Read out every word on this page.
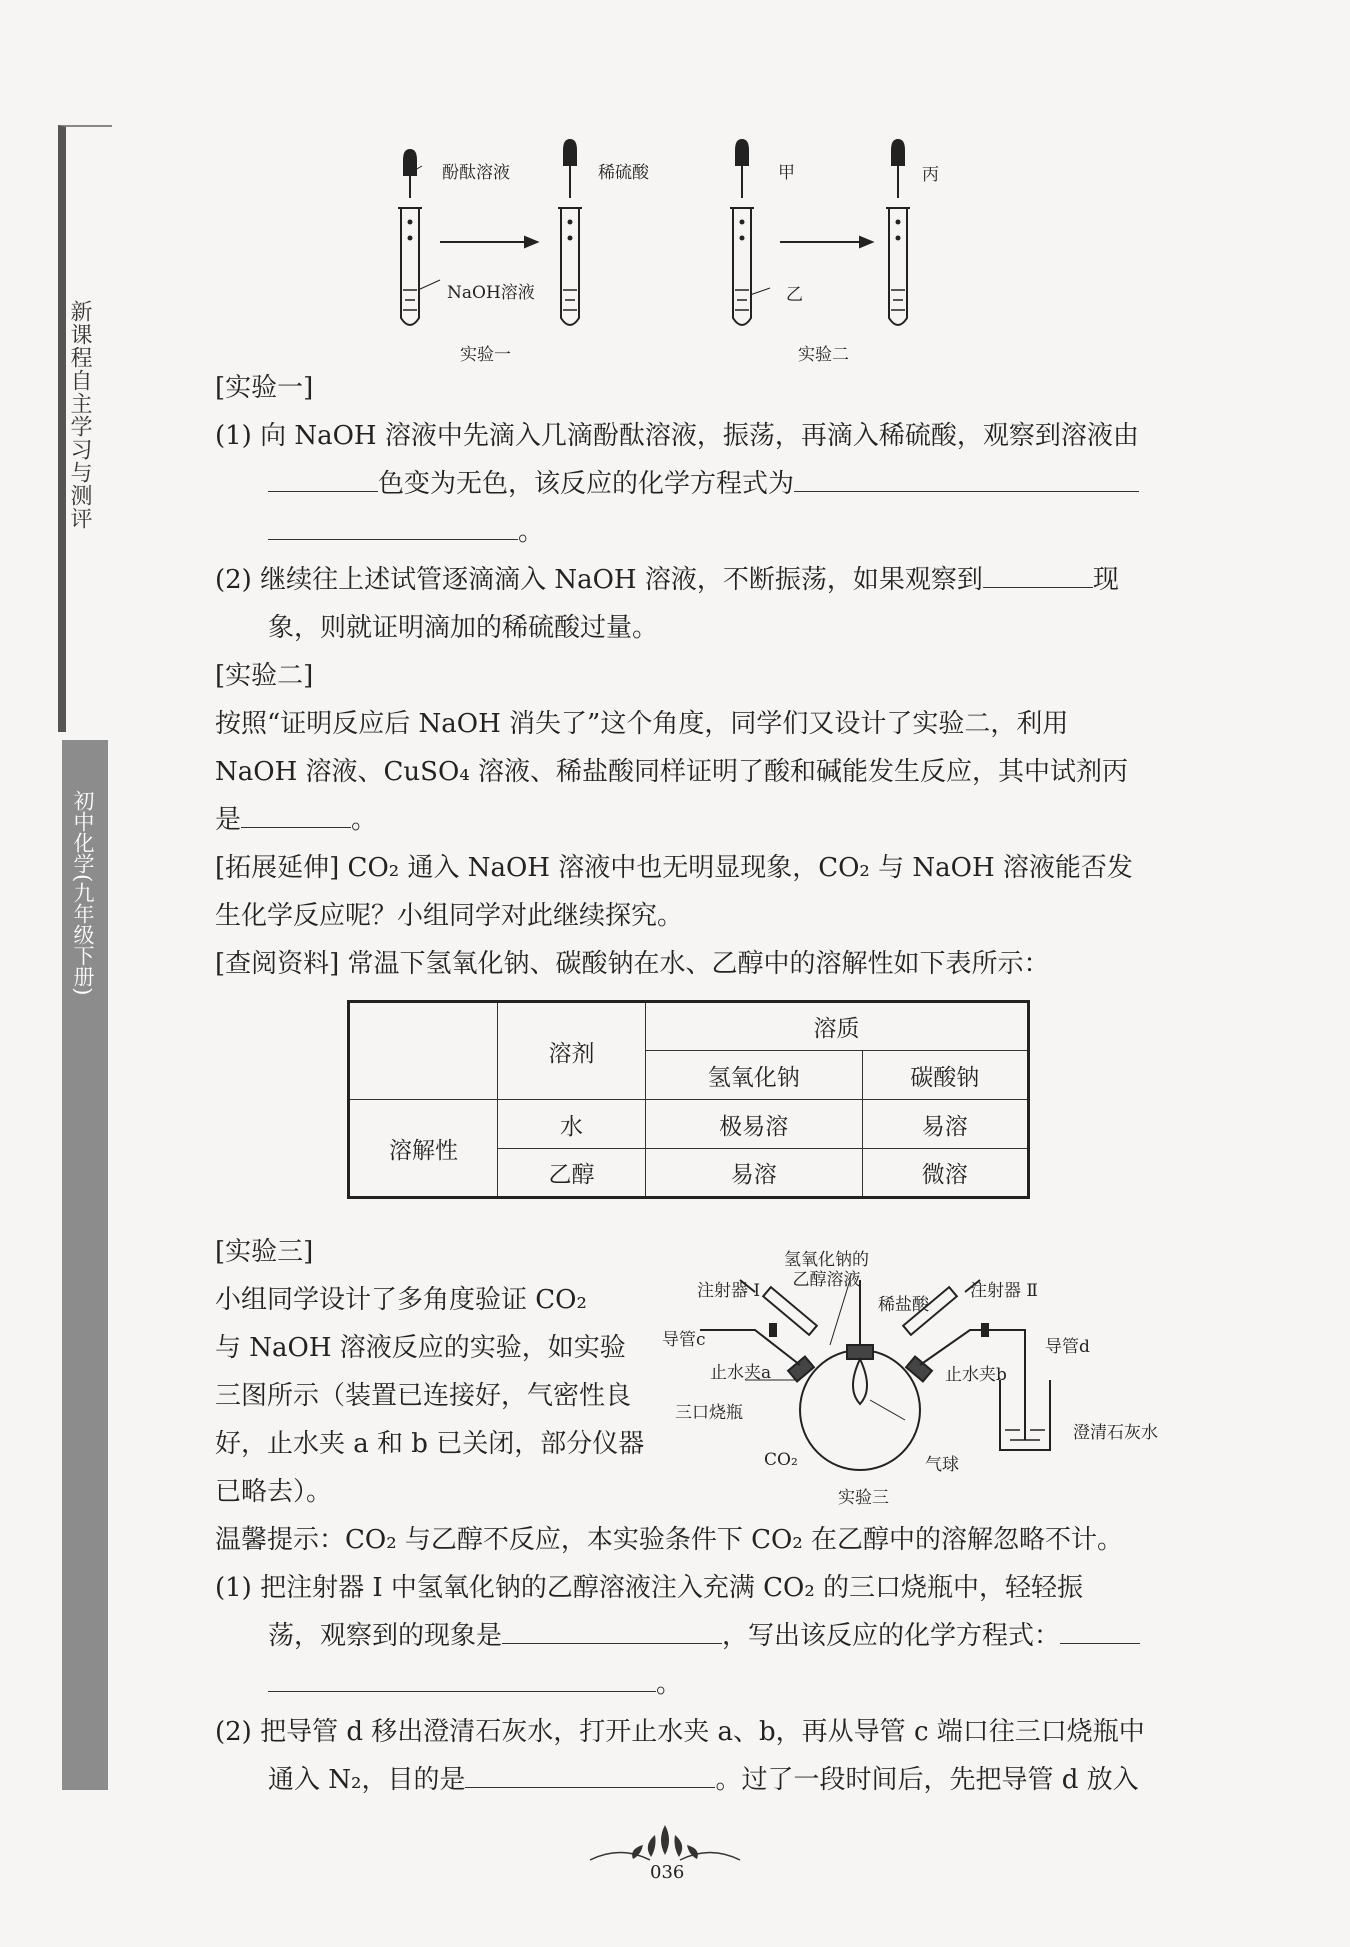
新课程自主学习与测评
初中化学(九年级下册)
酚酞溶液	稀硫酸
NaOH溶液
甲	丙
乙
实验一	实验二
[实验一]
(1) 向 NaOH 溶液中先滴入几滴酚酞溶液，振荡，再滴入稀硫酸，观察到溶液由
色变为无色，该反应的化学方程式为
。
(2) 继续往上述试管逐滴滴入 NaOH 溶液，不断振荡，如果观察到	现
象，则就证明滴加的稀硫酸过量。
[实验二]
按照“证明反应后 NaOH 消失了”这个角度，同学们又设计了实验二，利用
NaOH 溶液、CuSO₄ 溶液、稀盐酸同样证明了酸和碱能发生反应，其中试剂丙
是	。
[拓展延伸] CO₂ 通入 NaOH 溶液中也无明显现象，CO₂ 与 NaOH 溶液能否发
生化学反应呢？小组同学对此继续探究。
[查阅资料] 常温下氢氧化钠、碳酸钠在水、乙醇中的溶解性如下表所示：
	溶剂	溶质	
		氢氧化钠	碳酸钠
溶解性	水	极易溶	易溶
	乙醇	易溶	微溶
[实验三]
小组同学设计了多角度验证 CO₂
与 NaOH 溶液反应的实验，如实验
三图所示（装置已连接好，气密性良
好，止水夹 a 和 b 已关闭，部分仪器
已略去）。
氢氧化钠的
乙醇溶液
注射器 Ⅰ	注射器 Ⅱ
稀盐酸
导管c	导管d
止水夹a	止水夹b
三口烧瓶
澄清石灰水
CO₂	气球
实验三
温馨提示：CO₂ 与乙醇不反应，本实验条件下 CO₂ 在乙醇中的溶解忽略不计。
(1) 把注射器 Ⅰ 中氢氧化钠的乙醇溶液注入充满 CO₂ 的三口烧瓶中，轻轻振
荡，观察到的现象是	，写出该反应的化学方程式：
。
(2) 把导管 d 移出澄清石灰水，打开止水夹 a、b，再从导管 c 端口往三口烧瓶中
通入 N₂，目的是	。过了一段时间后，先把导管 d 放入
036
